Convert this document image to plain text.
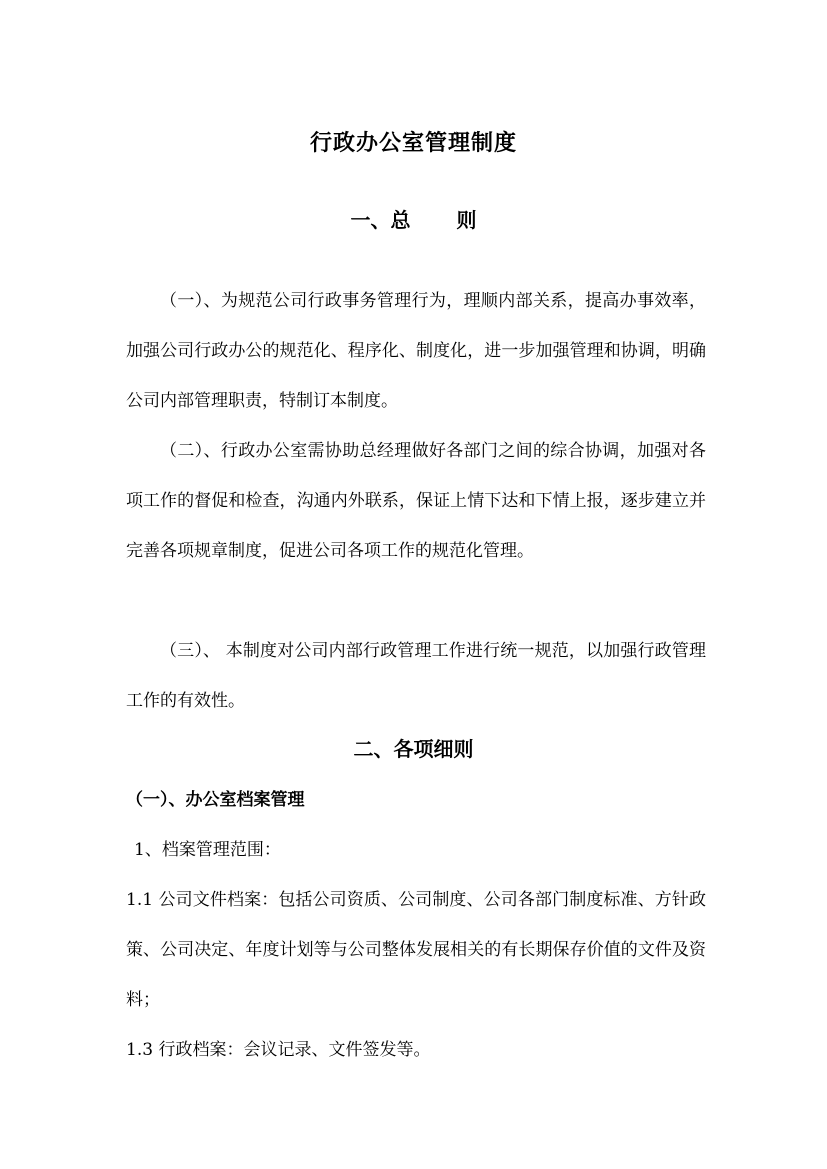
行政办公室管理制度
一、总 则
（一）、为规范公司行政事务管理行为，理顺内部关系，提高办事效率，加强公司行政办公的规范化、程序化、制度化，进一步加强管理和协调，明确公司内部管理职责，特制订本制度。
（二）、行政办公室需协助总经理做好各部门之间的综合协调，加强对各项工作的督促和检查，沟通内外联系，保证上情下达和下情上报，逐步建立并完善各项规章制度，促进公司各项工作的规范化管理。
（三）、 本制度对公司内部行政管理工作进行统一规范，以加强行政管理工作的有效性。
二、各项细则
（一）、办公室档案管理
1、档案管理范围：
1.1 公司文件档案：包括公司资质、公司制度、公司各部门制度标准、方针政策、公司决定、年度计划等与公司整体发展相关的有长期保存价值的文件及资料；
1.3 行政档案：会议记录、文件签发等。
